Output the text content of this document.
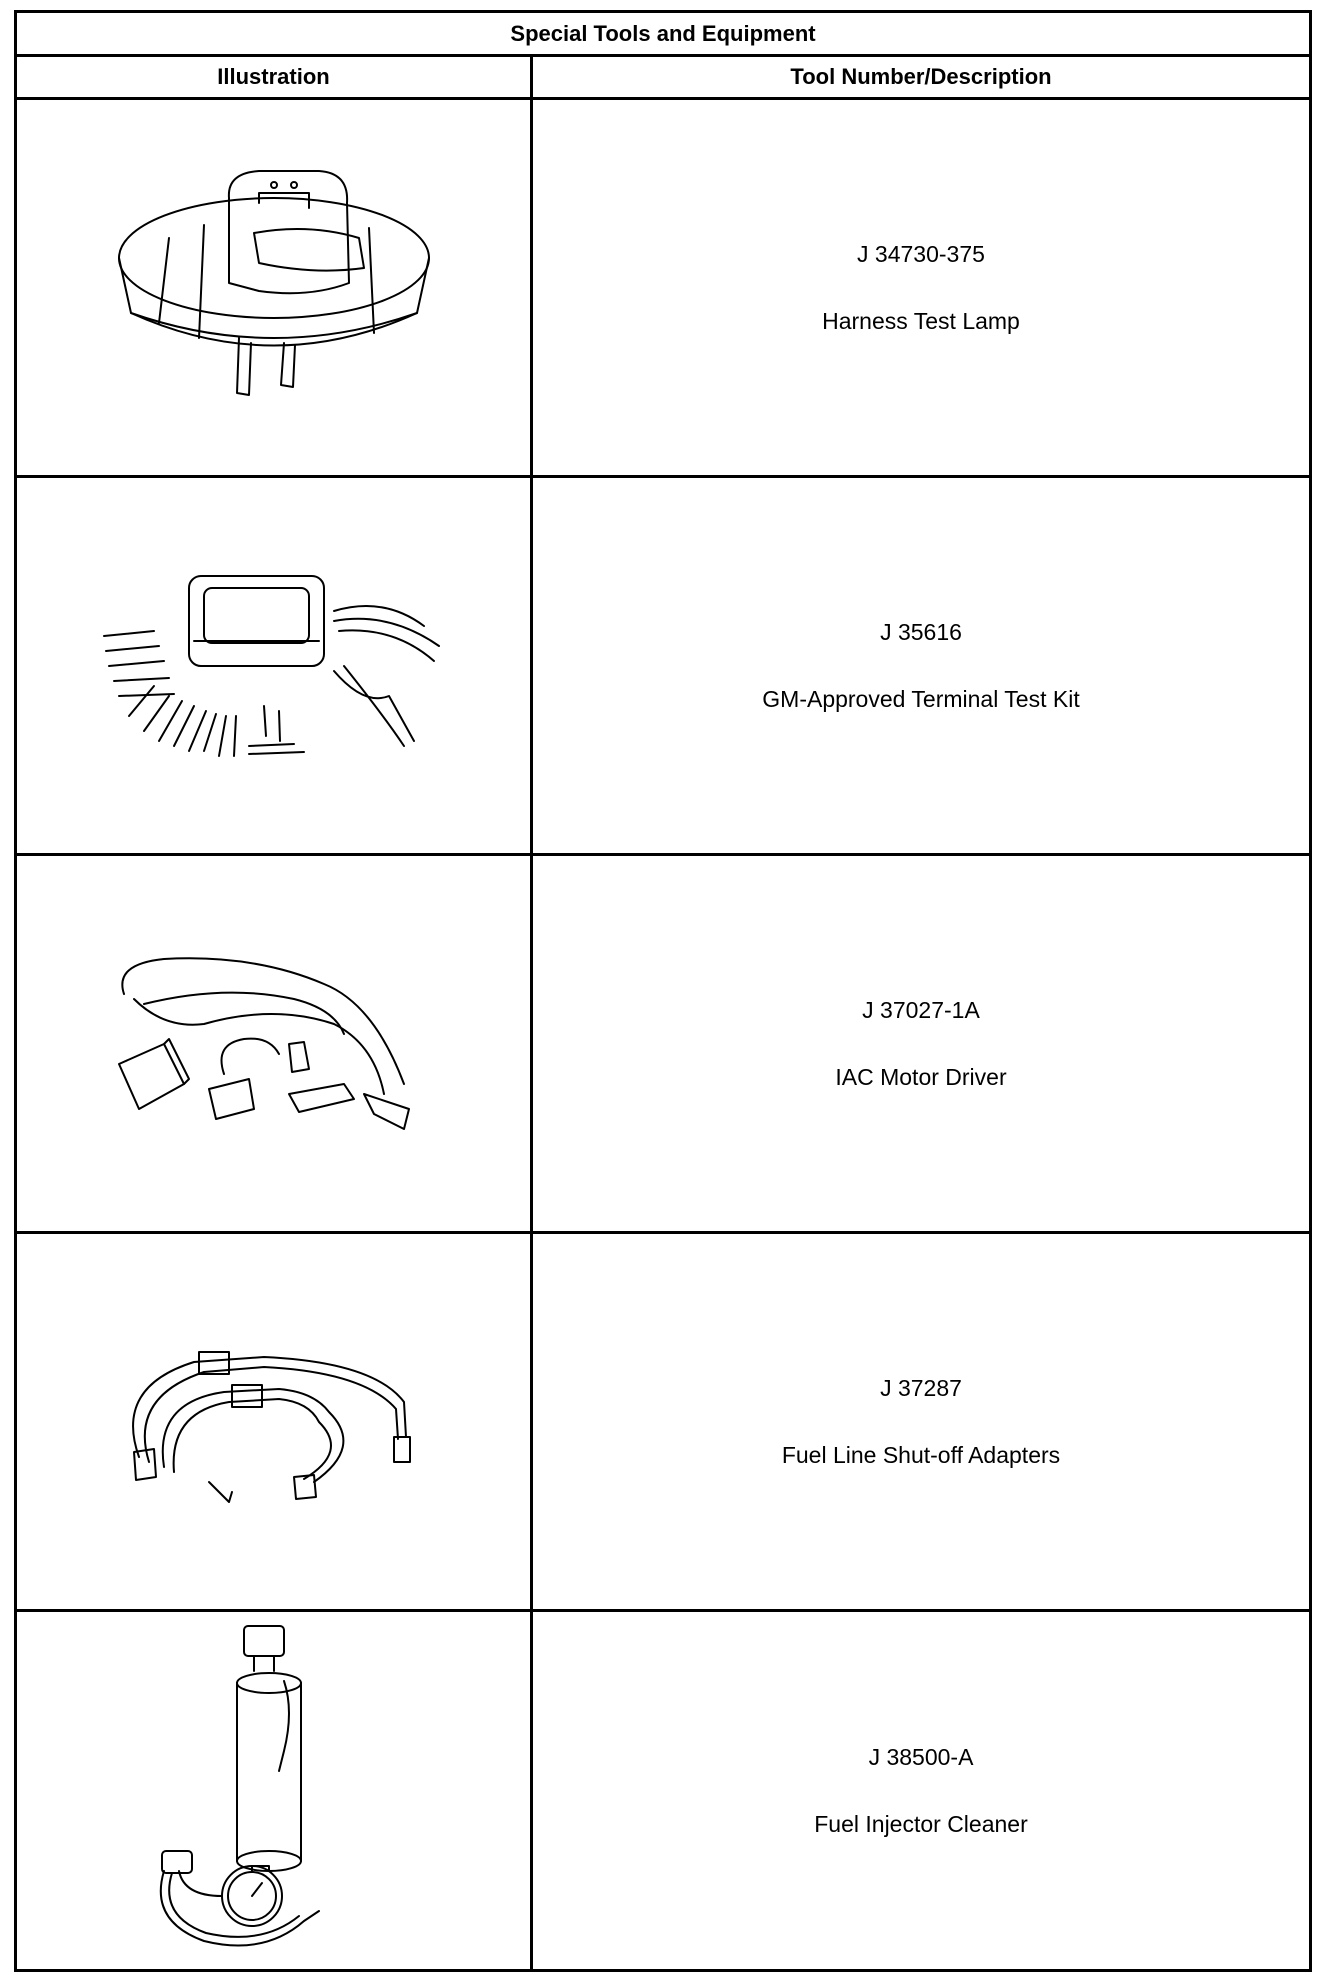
Special Tools and Equipment
Illustration	Tool Number/Description
J 34730-375
Harness Test Lamp
J 35616
GM-Approved Terminal Test Kit
J 37027-1A
IAC Motor Driver
J 37287
Fuel Line Shut-off Adapters
J 38500-A
Fuel Injector Cleaner
